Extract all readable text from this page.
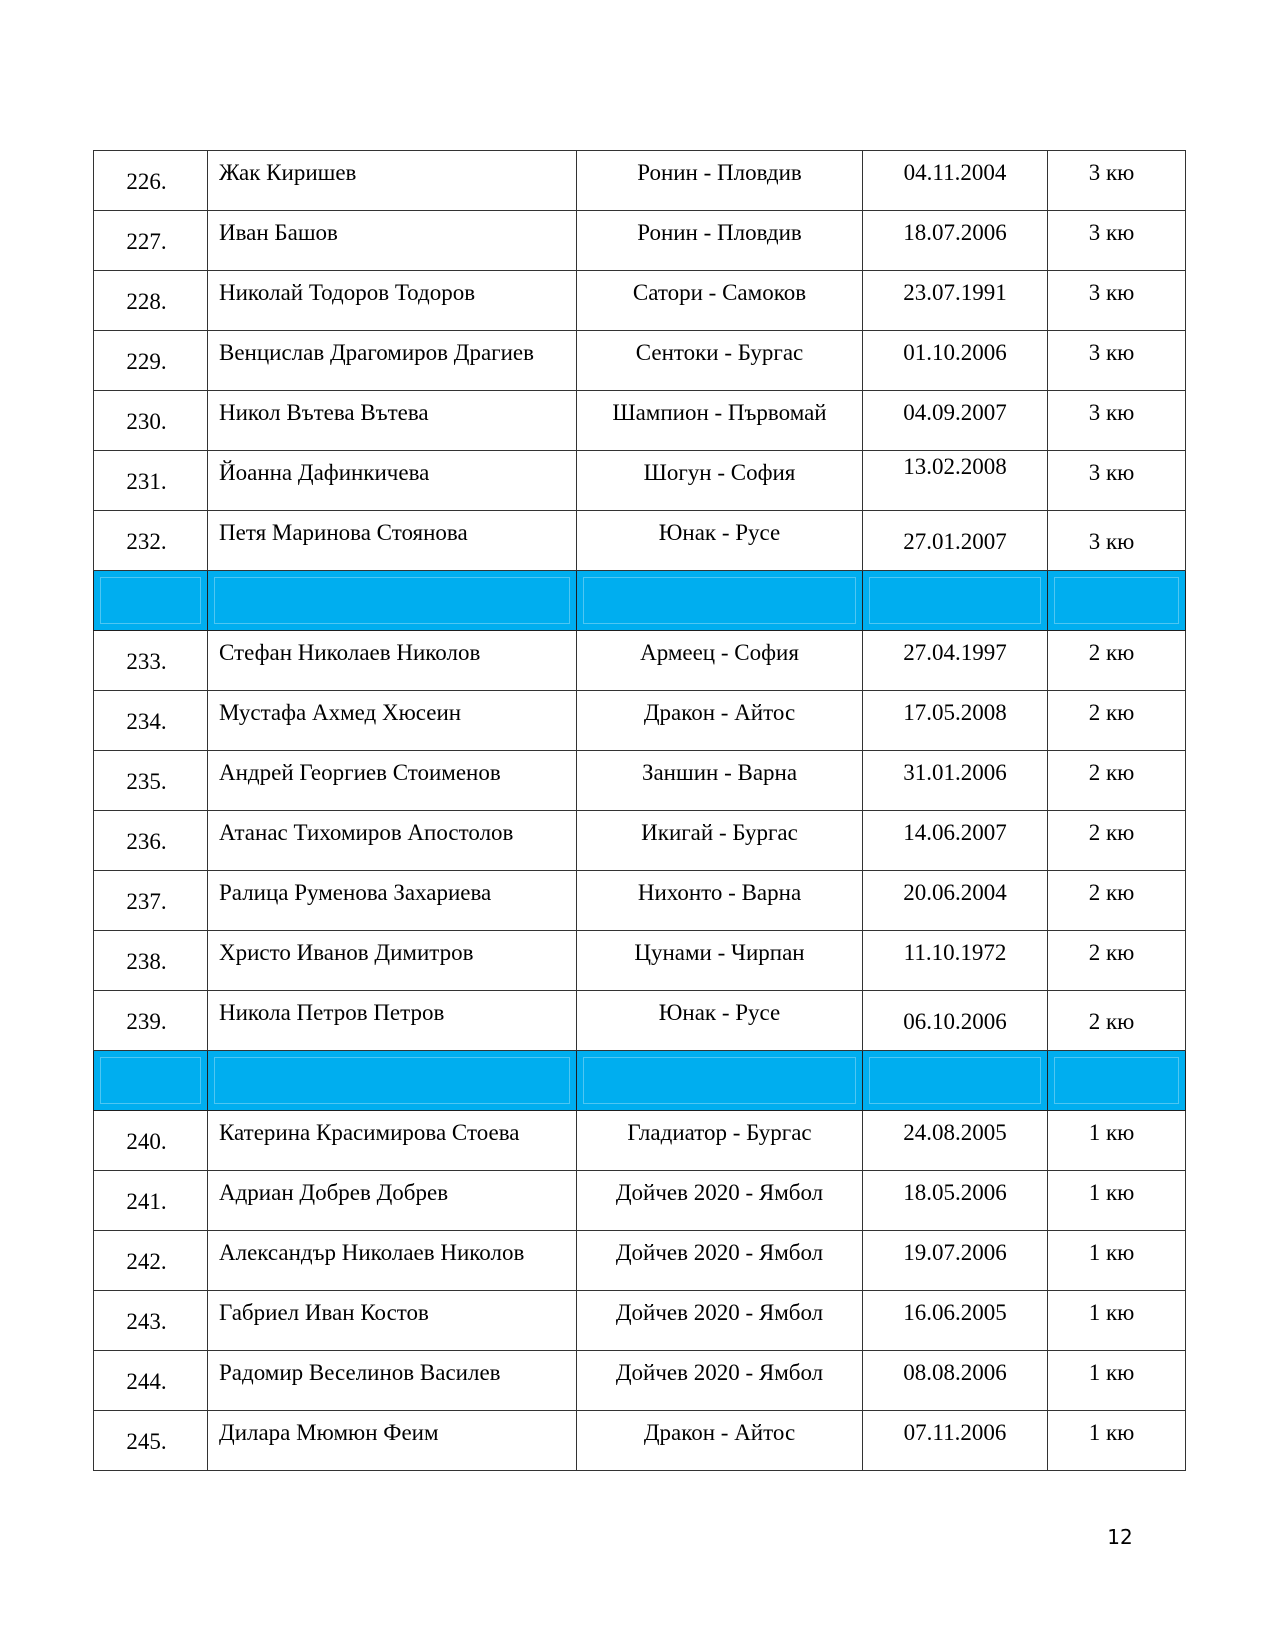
226.	Жак Киришев	Ронин - Пловдив	04.11.2004	3 кю
227.	Иван Башов	Ронин - Пловдив	18.07.2006	3 кю
228.	Николай Тодоров Тодоров	Сатори - Самоков	23.07.1991	3 кю
229.	Венцислав Драгомиров Драгиев	Сентоки - Бургас	01.10.2006	3 кю
230.	Никол Вътева Вътева	Шампион - Първомай	04.09.2007	3 кю
231.	Йоанна Дафинкичева	Шогун - София	13.02.2008	3 кю
232.	Петя Маринова Стоянова	Юнак - Русе	27.01.2007	3 кю

233.	Стефан Николаев Николов	Армеец - София	27.04.1997	2 кю
234.	Мустафа Ахмед Хюсеин	Дракон - Айтос	17.05.2008	2 кю
235.	Андрей Георгиев Стоименов	Заншин - Варна	31.01.2006	2 кю
236.	Атанас Тихомиров Апостолов	Икигай - Бургас	14.06.2007	2 кю
237.	Ралица Руменова Захариева	Нихонто - Варна	20.06.2004	2 кю
238.	Христо Иванов Димитров	Цунами - Чирпан	11.10.1972	2 кю
239.	Никола Петров Петров	Юнак - Русе	06.10.2006	2 кю

240.	Катерина Красимирова Стоева	Гладиатор - Бургас	24.08.2005	1 кю
241.	Адриан Добрев Добрев	Дойчев 2020 - Ямбол	18.05.2006	1 кю
242.	Александър Николаев Николов	Дойчев 2020 - Ямбол	19.07.2006	1 кю
243.	Габриел Иван Костов	Дойчев 2020 - Ямбол	16.06.2005	1 кю
244.	Радомир Веселинов Василев	Дойчев 2020 - Ямбол	08.08.2006	1 кю
245.	Дилара Мюмюн Феим	Дракон - Айтос	07.11.2006	1 кю
12
